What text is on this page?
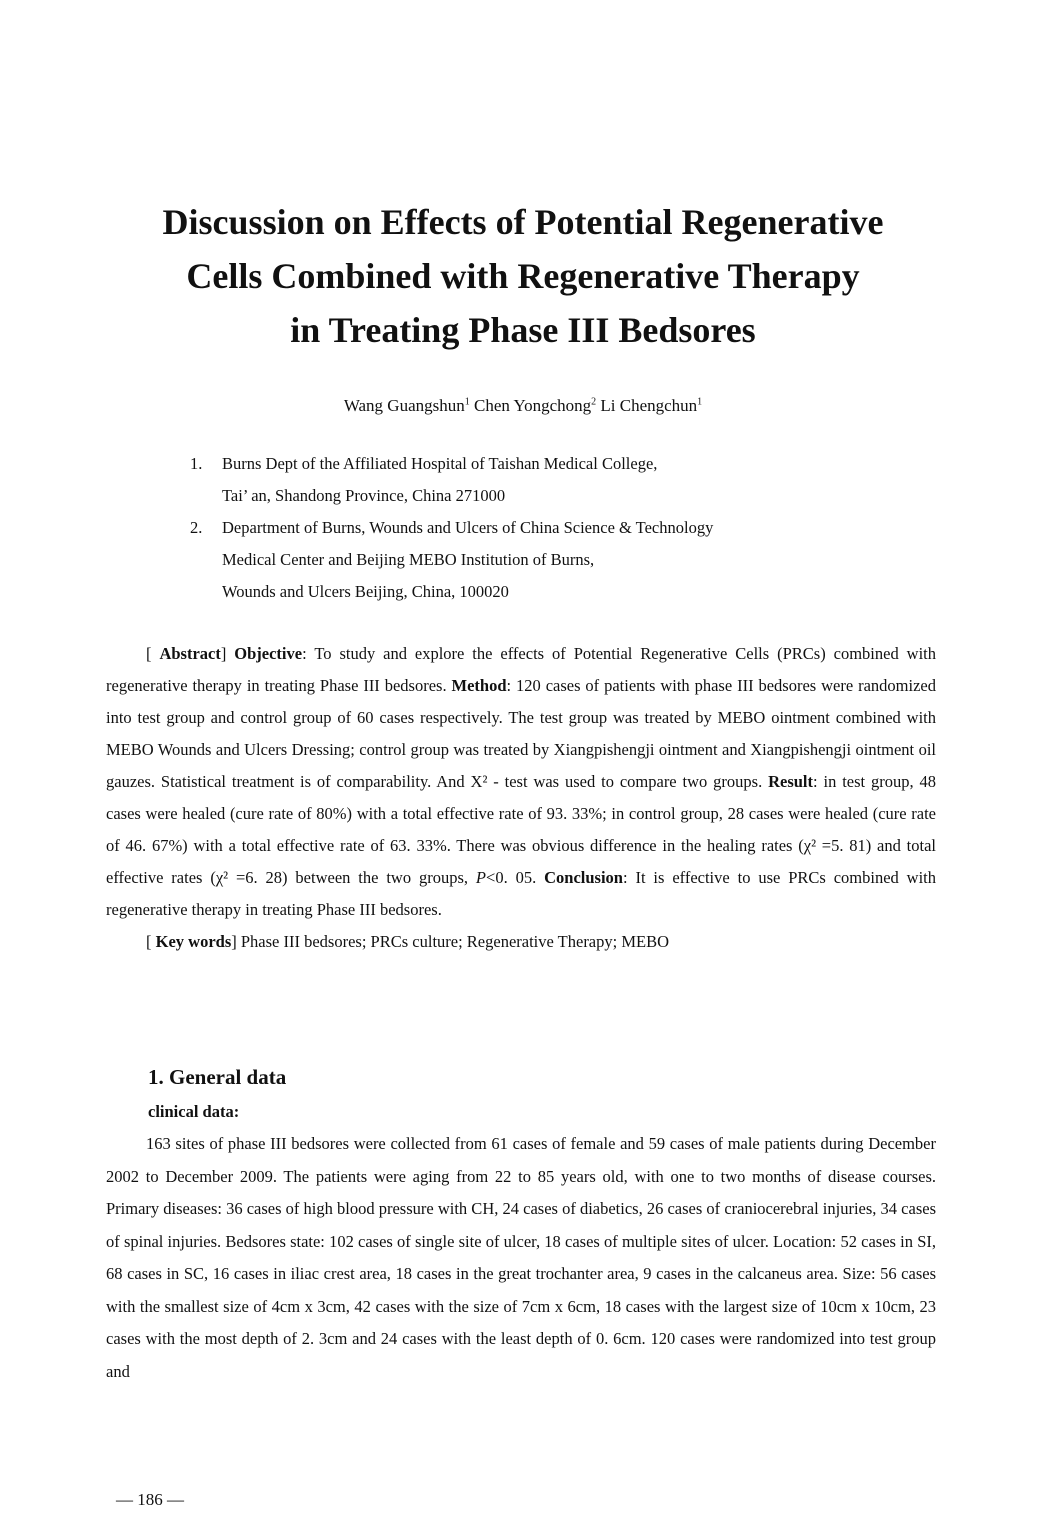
Discussion on Effects of Potential Regenerative
Cells Combined with Regenerative Therapy
in Treating Phase III Bedsores
Wang Guangshun$^1$ Chen Yongchong$^2$ Li Chengchun$^1$
1.	Burns Dept of the Affiliated Hospital of Taishan Medical College,
Tai’ an, Shandong Province, China 271000
2.	Department of Burns, Wounds and Ulcers of China Science & Technology
Medical Center and Beijing MEBO Institution of Burns,
Wounds and Ulcers Beijing, China, 100020

[ Abstract] Objective: To study and explore the effects of Potential Regenerative Cells (PRCs) combined with regenerative therapy in treating Phase III bedsores. Method: 120 cases of patients with phase III bedsores were randomized into test group and control group of 60 cases respectively. The test group was treated by MEBO ointment combined with MEBO Wounds and Ulcers Dressing; control group was treated by Xiangpishengji ointment and Xiangpishengji ointment oil gauzes. Statistical treatment is of comparability. And X² - test was used to compare two groups. Result: in test group, 48 cases were healed (cure rate of 80%) with a total effective rate of 93. 33%; in control group, 28 cases were healed (cure rate of 46. 67%) with a total effective rate of 63. 33%. There was obvious difference in the healing rates (χ² =5. 81) and total effective rates (χ² =6. 28) between the two groups, P<0. 05. Conclusion: It is effective to use PRCs combined with regenerative therapy in treating Phase III bedsores.

[ Key words] Phase III bedsores; PRCs culture; Regenerative Therapy; MEBO

1. General data
clinical data:

163 sites of phase III bedsores were collected from 61 cases of female and 59 cases of male patients during December 2002 to December 2009. The patients were aging from 22 to 85 years old, with one to two months of disease courses. Primary diseases: 36 cases of high blood pressure with CH, 24 cases of diabetics, 26 cases of craniocerebral injuries, 34 cases of spinal injuries. Bedsores state: 102 cases of single site of ulcer, 18 cases of multiple sites of ulcer. Location: 52 cases in SI, 68 cases in SC, 16 cases in iliac crest area, 18 cases in the great trochanter area, 9 cases in the calcaneus area. Size: 56 cases with the smallest size of 4cm x 3cm, 42 cases with the size of 7cm x 6cm, 18 cases with the largest size of 10cm x 10cm, 23 cases with the most depth of 2. 3cm and 24 cases with the least depth of 0. 6cm. 120 cases were randomized into test group and

— 186 —
